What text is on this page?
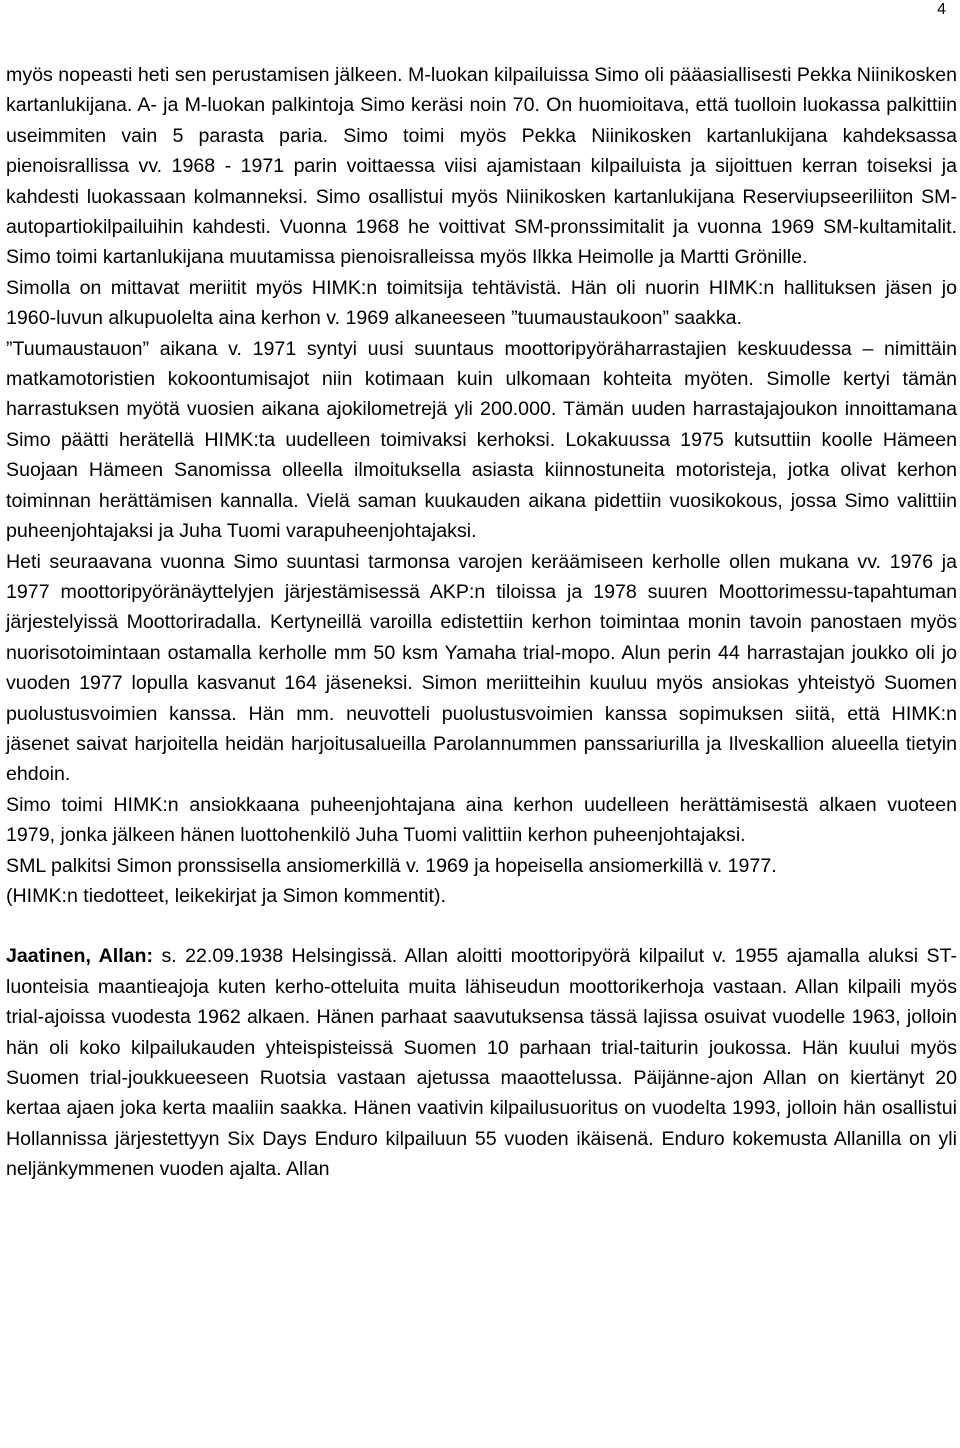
4

myös nopeasti heti sen perustamisen jälkeen. M-luokan kilpailuissa Simo oli pääasiallisesti Pekka Niinikosken kartanlukijana. A- ja M-luokan palkintoja Simo keräsi noin 70. On huomioitava, että tuolloin luokassa palkittiin useimmiten vain 5 parasta paria. Simo toimi myös Pekka Niinikosken kartanlukijana kahdeksassa pienoisrallissa vv. 1968 - 1971 parin voittaessa viisi ajamistaan kilpailuista ja sijoittuen kerran toiseksi ja kahdesti luokassaan kolmanneksi. Simo osallistui myös Niinikosken kartanlukijana Reserviupseeriliiton SM-autopartiokilpailuihin kahdesti. Vuonna 1968 he voittivat SM-pronssimitalit ja vuonna 1969 SM-kultamitalit. Simo toimi kartanlukijana muutamissa pienoisralleissa myös Ilkka Heimolle ja Martti Grönille.

Simolla on mittavat meriitit myös HIMK:n toimitsija tehtävistä. Hän oli nuorin HIMK:n hallituksen jäsen jo 1960-luvun alkupuolelta aina kerhon v. 1969 alkaneeseen ”tuumaustaukoon” saakka.

”Tuumaustauon” aikana v. 1971 syntyi uusi suuntaus moottoripyöräharrastajien keskuudessa – nimittäin matkamotoristien kokoontumisajot niin kotimaan kuin ulkomaan kohteita myöten. Simolle kertyi tämän harrastuksen myötä vuosien aikana ajokilometrejä yli 200.000. Tämän uuden harrastajajoukon innoittamana Simo päätti herätellä HIMK:ta uudelleen toimivaksi kerhoksi. Lokakuussa 1975 kutsuttiin koolle Hämeen Suojaan Hämeen Sanomissa olleella ilmoituksella asiasta kiinnostuneita motoristeja, jotka olivat kerhon toiminnan herättämisen kannalla. Vielä saman kuukauden aikana pidettiin vuosikokous, jossa Simo valittiin puheenjohtajaksi ja Juha Tuomi varapuheenjohtajaksi.

Heti seuraavana vuonna Simo suuntasi tarmonsa varojen keräämiseen kerholle ollen mukana vv. 1976 ja 1977 moottoripyöränäyttelyjen järjestämisessä AKP:n tiloissa ja 1978 suuren Moottorimessu-tapahtuman järjestelyissä Moottoriradalla. Kertyneillä varoilla edistettiin kerhon toimintaa monin tavoin panostaen myös nuorisotoimintaan ostamalla kerholle mm 50 ksm Yamaha trial-mopo. Alun perin 44 harrastajan joukko oli jo vuoden 1977 lopulla kasvanut 164 jäseneksi. Simon meriitteihin kuuluu myös ansiokas yhteistyö Suomen puolustusvoimien kanssa. Hän mm. neuvotteli puolustusvoimien kanssa sopimuksen siitä, että HIMK:n jäsenet saivat harjoitella heidän harjoitusalueilla Parolannummen panssariurilla ja Ilveskallion alueella tietyin ehdoin.

Simo toimi HIMK:n ansiokkaana puheenjohtajana aina kerhon uudelleen herättämisestä alkaen vuoteen 1979, jonka jälkeen hänen luottohenkilö Juha Tuomi valittiin kerhon puheenjohtajaksi.

SML palkitsi Simon pronssisella ansiomerkillä v. 1969 ja hopeisella ansiomerkillä v. 1977.

(HIMK:n tiedotteet, leikekirjat ja Simon kommentit).

Jaatinen, Allan: s. 22.09.1938 Helsingissä. Allan aloitti moottoripyörä kilpailut v. 1955 ajamalla aluksi ST-luonteisia maantieajoja kuten kerho-otteluita muita lähiseudun moottorikerhoja vastaan. Allan kilpaili myös trial-ajoissa vuodesta 1962 alkaen. Hänen parhaat saavutuksensa tässä lajissa osuivat vuodelle 1963, jolloin hän oli koko kilpailukauden yhteispisteissä Suomen 10 parhaan trial-taiturin joukossa. Hän kuului myös Suomen trial-joukkueeseen Ruotsia vastaan ajetussa maaottelussa. Päijänne-ajon Allan on kiertänyt 20 kertaa ajaen joka kerta maaliin saakka. Hänen vaativin kilpailusuoritus on vuodelta 1993, jolloin hän osallistui Hollannissa järjestettyyn Six Days Enduro kilpailuun 55 vuoden ikäisenä. Enduro kokemusta Allanilla on yli neljänkymmenen vuoden ajalta. Allan
